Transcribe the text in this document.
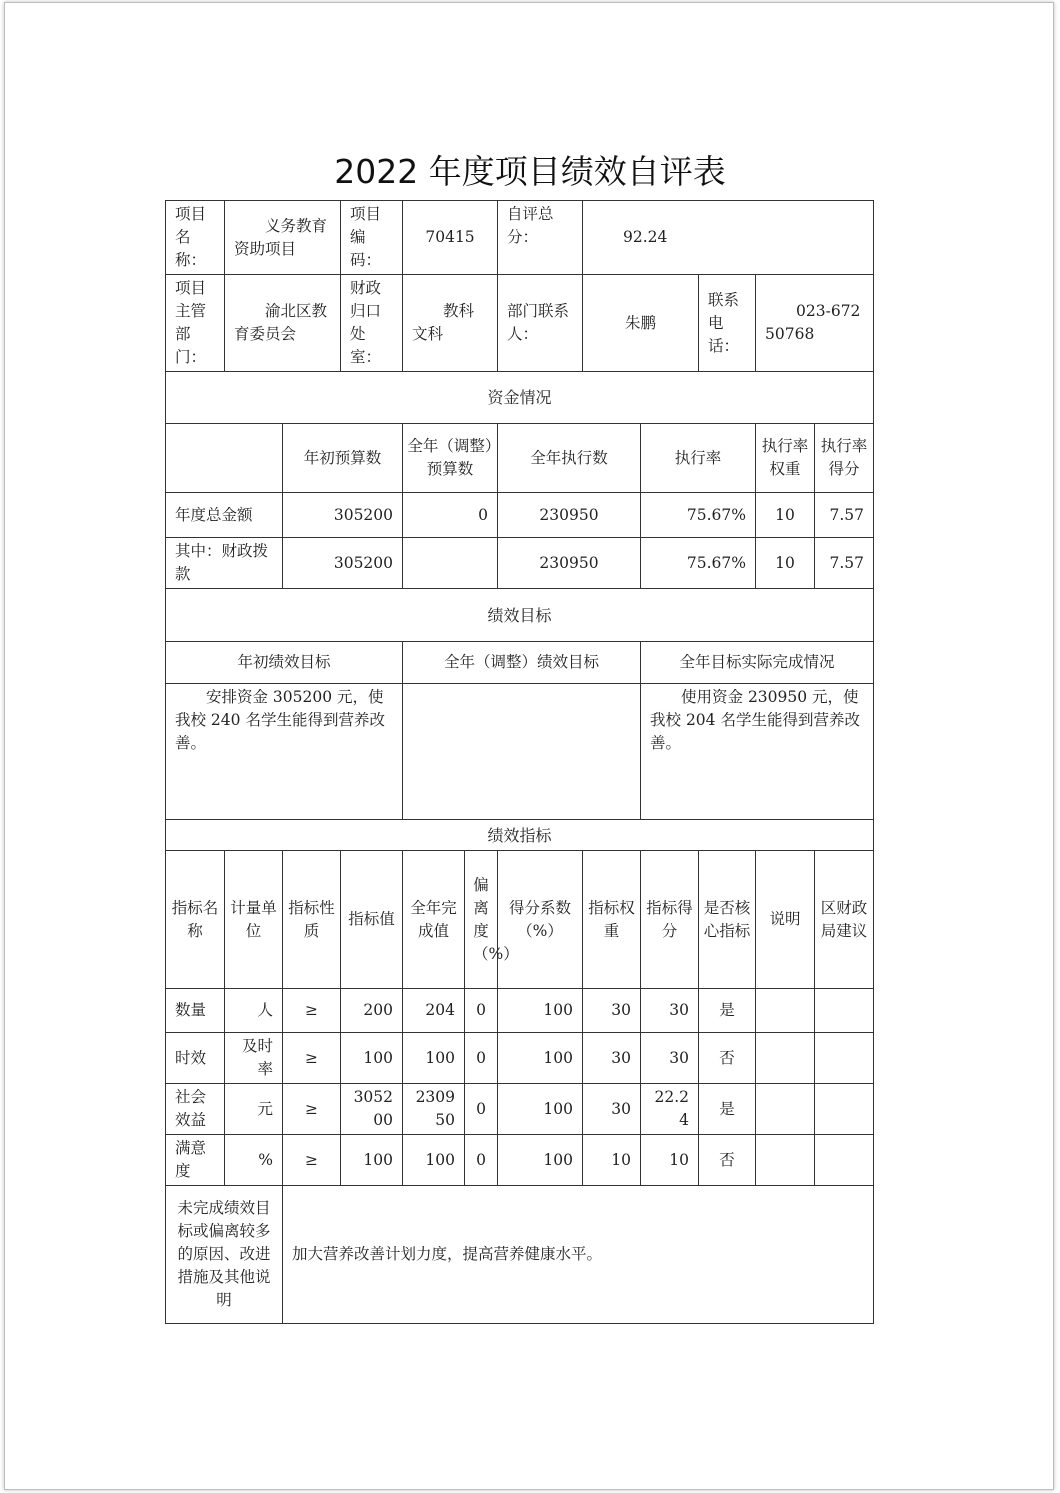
2022 年度项目绩效自评表
项目名称：	义务教育资助项目		项目编码：	70415		自评总分：	92.24				
项目主管部门：	渝北区教育委员会		财政归口处室：	教科文科		部门联系人：	朱鹏		联系电话：	023-67250768	
资金情况											
		年初预算数		全年（调整）预算数		全年执行数		执行率		执行率权重	执行率得分
年度总金额		305200		0		230950		75.67%		10	7.57
其中：财政拨款		305200				230950		75.67%		10	7.57
绩效目标											
年初绩效目标				全年（调整）绩效目标				全年目标实际完成情况			
安排资金 305200 元，使我校 240 名学生能得到营养改善。								使用资金 230950 元，使我校 204 名学生能得到营养改善。			
绩效指标											
指标名称	计量单位	指标性质	指标值	全年完成值	偏离度（%）	得分系数（%）	指标权重	指标得分	是否核心指标	说明	区财政局建议
数量	人	≥	200	204	0	100	30	30	是		
时效	及时率	≥	100	100	0	100	30	30	否		
社会效益	元	≥	305200	230950	0	100	30	22.24	是		
满意度	%	≥	100	100	0	100	10	10	否		
未完成绩效目标或偏离较多的原因、改进措施及其他说明		加大营养改善计划力度，提高营养健康水平。									
